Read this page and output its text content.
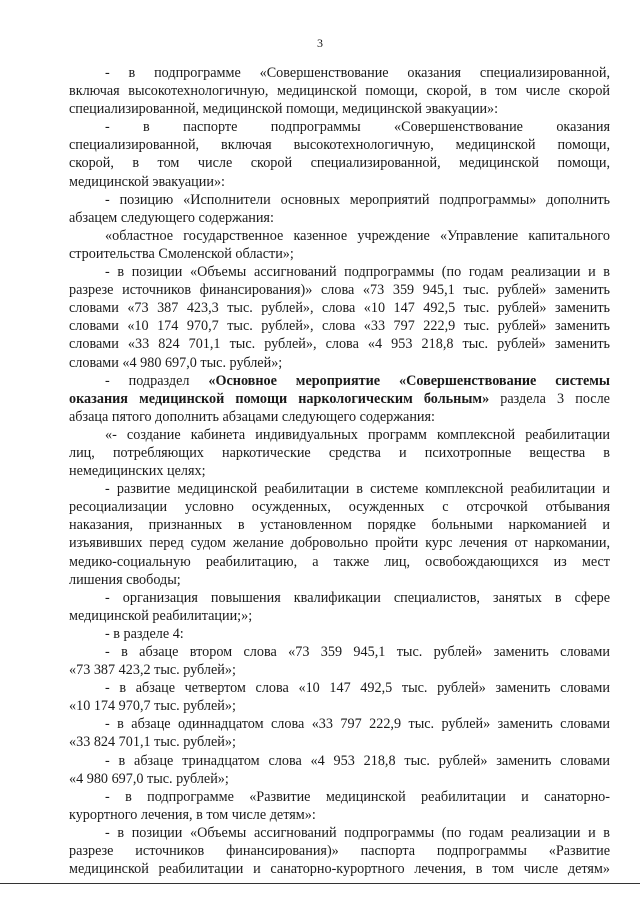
3
- в подпрограмме «Совершенствование оказания специализированной,
включая высокотехнологичную, медицинской помощи, скорой, в том числе скорой
специализированной, медицинской помощи, медицинской эвакуации»:
- в паспорте подпрограммы «Совершенствование оказания
специализированной, включая высокотехнологичную, медицинской помощи,
скорой, в том числе скорой специализированной, медицинской помощи,
медицинской эвакуации»:
- позицию «Исполнители основных мероприятий подпрограммы» дополнить
абзацем следующего содержания:
«областное государственное казенное учреждение «Управление капитального
строительства Смоленской области»;
- в позиции «Объемы ассигнований подпрограммы (по годам реализации и в
разрезе источников финансирования)» слова «73 359 945,1 тыс. рублей» заменить
словами «73 387 423,3 тыс. рублей», слова «10 147 492,5 тыс. рублей» заменить
словами «10 174 970,7 тыс. рублей», слова «33 797 222,9 тыс. рублей» заменить
словами «33 824 701,1 тыс. рублей», слова «4 953 218,8 тыс. рублей» заменить
словами «4 980 697,0 тыс. рублей»;
- подраздел «Основное мероприятие «Совершенствование системы
оказания медицинской помощи наркологическим больным» раздела 3 после
абзаца пятого дополнить абзацами следующего содержания:
«- создание кабинета индивидуальных программ комплексной реабилитации
лиц, потребляющих наркотические средства и психотропные вещества в
немедицинских целях;
- развитие медицинской реабилитации в системе комплексной реабилитации и
ресоциализации условно осужденных, осужденных с отсрочкой отбывания
наказания, признанных в установленном порядке больными наркоманией и
изъявивших перед судом желание добровольно пройти курс лечения от наркомании,
медико-социальную реабилитацию, а также лиц, освобождающихся из мест
лишения свободы;
- организация повышения квалификации специалистов, занятых в сфере
медицинской реабилитации;»;
- в разделе 4:
- в абзаце втором слова «73 359 945,1 тыс. рублей» заменить словами
«73 387 423,2 тыс. рублей»;
- в абзаце четвертом слова «10 147 492,5 тыс. рублей» заменить словами
«10 174 970,7 тыс. рублей»;
- в абзаце одиннадцатом слова «33 797 222,9 тыс. рублей» заменить словами
«33 824 701,1 тыс. рублей»;
- в абзаце тринадцатом слова «4 953 218,8 тыс. рублей» заменить словами
«4 980 697,0 тыс. рублей»;
- в подпрограмме «Развитие медицинской реабилитации и санаторно-
курортного лечения, в том числе детям»:
- в позиции «Объемы ассигнований подпрограммы (по годам реализации и в
разрезе источников финансирования)» паспорта подпрограммы «Развитие
медицинской реабилитации и санаторно-курортного лечения, в том числе детям»
